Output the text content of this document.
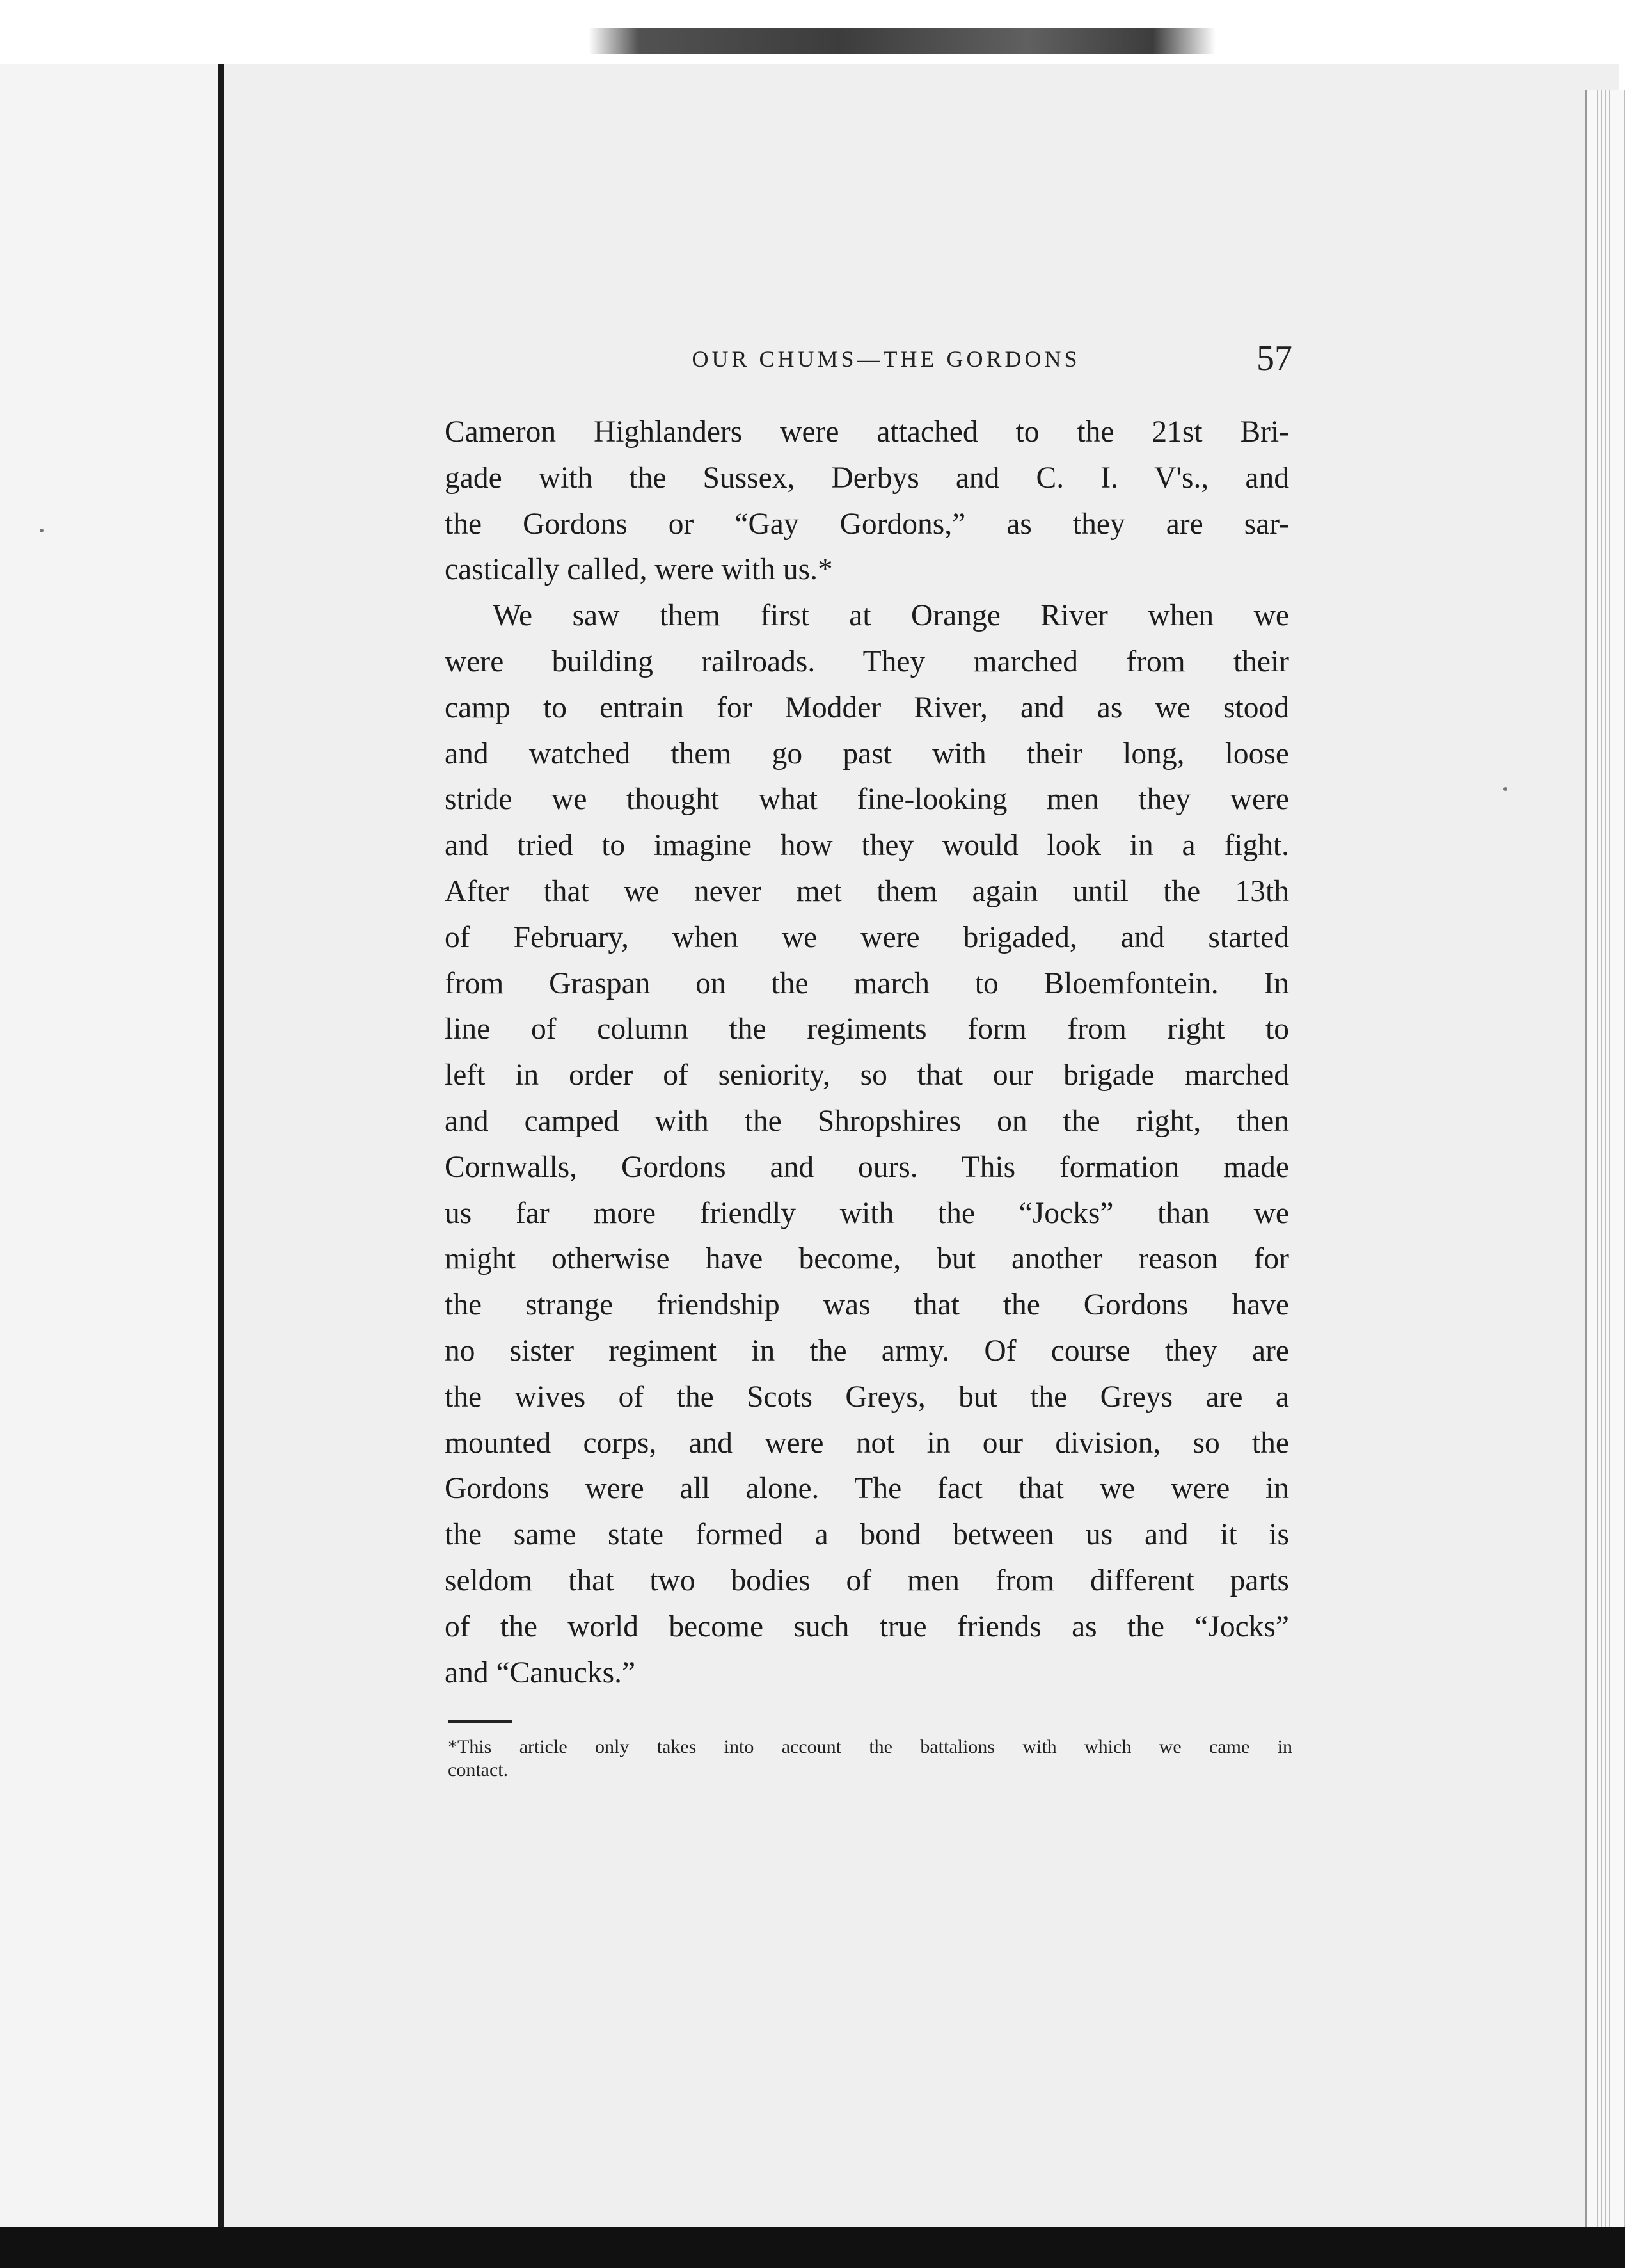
OUR CHUMS—THE GORDONS	57
Cameron Highlanders were attached to the 21st Bri-
gade with the Sussex, Derbys and C. I. V's., and
the Gordons or “Gay Gordons,” as they are sar-
castically called, were with us.*
We saw them first at Orange River when we
were building railroads. They marched from their
camp to entrain for Modder River, and as we stood
and watched them go past with their long, loose
stride we thought what fine-looking men they were
and tried to imagine how they would look in a fight.
After that we never met them again until the 13th
of February, when we were brigaded, and started
from Graspan on the march to Bloemfontein. In
line of column the regiments form from right to
left in order of seniority, so that our brigade marched
and camped with the Shropshires on the right, then
Cornwalls, Gordons and ours. This formation made
us far more friendly with the “Jocks” than we
might otherwise have become, but another reason for
the strange friendship was that the Gordons have
no sister regiment in the army. Of course they are
the wives of the Scots Greys, but the Greys are a
mounted corps, and were not in our division, so the
Gordons were all alone. The fact that we were in
the same state formed a bond between us and it is
seldom that two bodies of men from different parts
of the world become such true friends as the “Jocks”
and “Canucks.”
*This article only takes into account the battalions with which we came in
contact.
